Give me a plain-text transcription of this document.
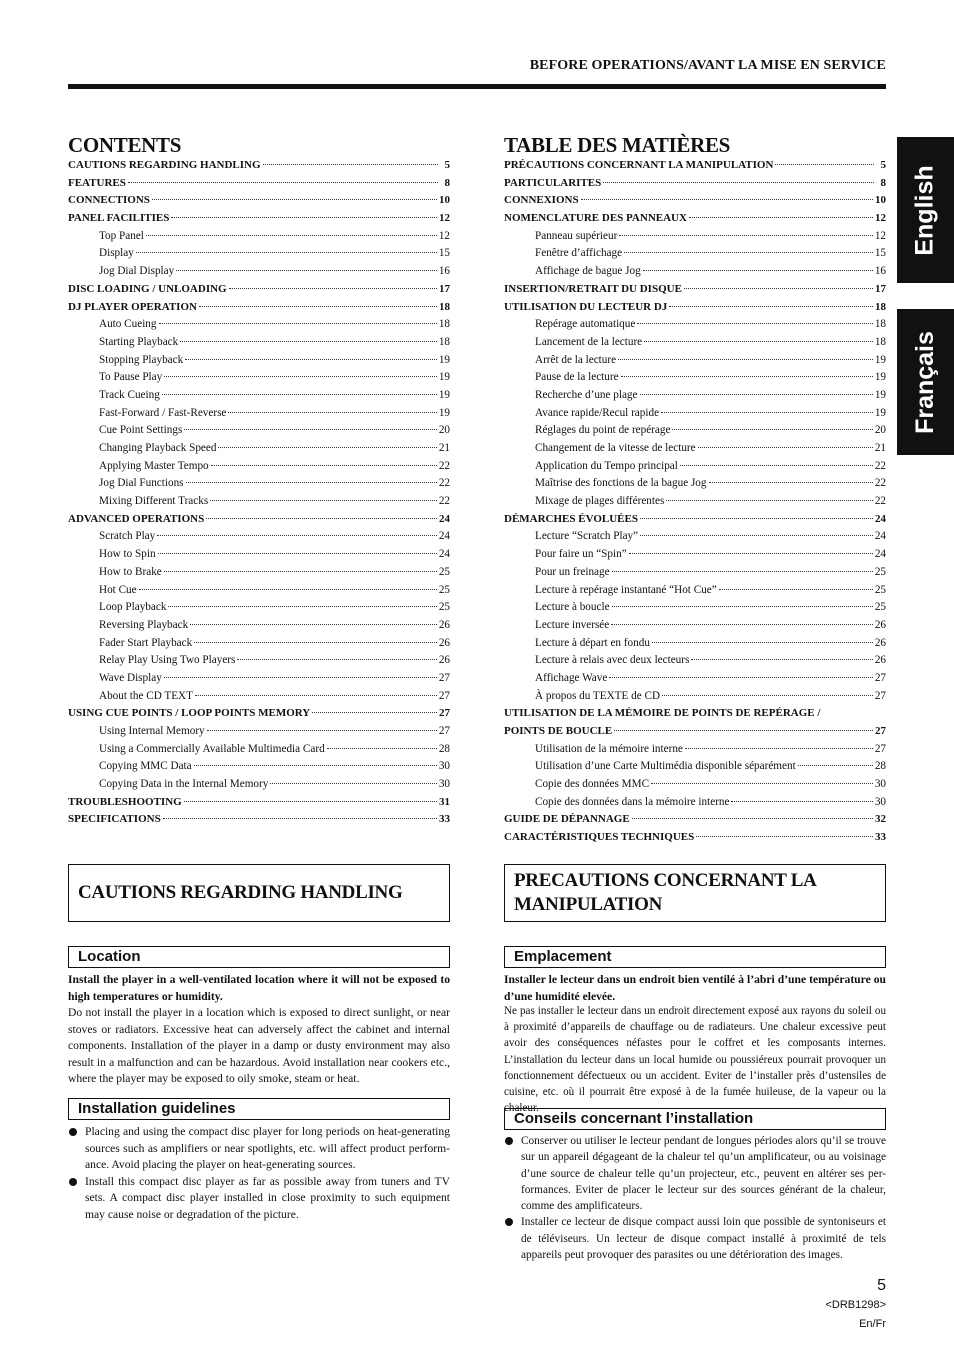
BEFORE OPERATIONS/AVANT LA MISE EN SERVICE
English
Français
CONTENTS
CAUTIONS REGARDING HANDLING	5
FEATURES	8
CONNECTIONS	10
PANEL FACILITIES	12
Top Panel	12
Display	15
Jog Dial Display	16
DISC LOADING / UNLOADING	17
DJ PLAYER OPERATION	18
Auto Cueing	18
Starting Playback	18
Stopping Playback	19
To Pause Play	19
Track Cueing	19
Fast-Forward / Fast-Reverse	19
Cue Point Settings	20
Changing Playback Speed	21
Applying Master Tempo	22
Jog Dial Functions	22
Mixing Different Tracks	22
ADVANCED OPERATIONS	24
Scratch Play	24
How to Spin	24
How to Brake	25
Hot Cue	25
Loop Playback	25
Reversing Playback	26
Fader Start Playback	26
Relay Play Using Two Players	26
Wave Display	27
About the CD TEXT	27
USING CUE POINTS / LOOP POINTS MEMORY	27
Using Internal Memory	27
Using a Commercially Available Multimedia Card	28
Copying MMC Data	30
Copying Data in the Internal Memory	30
TROUBLESHOOTING	31
SPECIFICATIONS	33
CAUTIONS REGARDING HANDLING
Location
Install the player in a well-ventilated location where it will not be exposed to high temperatures or humidity.
Do not install the player in a location which is exposed to direct sunlight, or near stoves or radiators. Excessive heat can adversely affect the cabinet and internal components. Installation of the player in a damp or dusty environment may also result in a malfunction and can be hazardous. Avoid installation near cookers etc., where the player may be exposed to oily smoke, steam or heat.
Installation guidelines
Placing and using the compact disc player for long periods on heat-generating sources such as amplifiers or near spotlights, etc. will affect product perform-ance. Avoid placing the player on heat-generating sources.
Install this compact disc player as far as possible away from tuners and TV sets. A compact disc player installed in close proximity to such equipment may cause noise or degradation of the picture.
TABLE DES MATIÈRES
PRÉCAUTIONS CONCERNANT LA MANIPULATION	5
PARTICULARITES	8
CONNEXIONS	10
NOMENCLATURE DES PANNEAUX	12
Panneau supérieur	12
Fenêtre d’affichage	15
Affichage de bague Jog	16
INSERTION/RETRAIT DU DISQUE	17
UTILISATION DU LECTEUR DJ	18
Repérage automatique	18
Lancement de la lecture	18
Arrêt de la lecture	19
Pause de la lecture	19
Recherche d’une plage	19
Avance rapide/Recul rapide	19
Réglages du point de repérage	20
Changement de la vitesse de lecture	21
Application du Tempo principal	22
Maîtrise des fonctions de la bague Jog	22
Mixage de plages différentes	22
DÉMARCHES ÉVOLUÉES	24
Lecture “Scratch Play”	24
Pour faire un “Spin”	24
Pour un freinage	25
Lecture à repérage instantané “Hot Cue”	25
Lecture à boucle	25
Lecture inversée	26
Lecture à départ en fondu	26
Lecture à relais avec deux lecteurs	26
Affichage Wave	27
À propos du TEXTE de CD	27
UTILISATION DE LA MÉMOIRE DE POINTS DE REPÉRAGE /
POINTS DE BOUCLE	27
Utilisation de la mémoire interne	27
Utilisation d’une Carte Multimédia disponible séparément	28
Copie des données MMC	30
Copie des données dans la mémoire interne	30
GUIDE DE DÉPANNAGE	32
CARACTÉRISTIQUES TECHNIQUES	33
PRECAUTIONS CONCERNANT LA MANIPULATION
Emplacement
Installer le lecteur dans un endroit bien ventilé à l’abri d’une température ou d’une humidité elevée.
Ne pas installer le lecteur dans un endroit directement exposé aux rayons du soleil ou à proximité d’appareils de chauffage ou de radiateurs. Une chaleur excessive peut avoir des conséquences néfastes pour le coffret et les composants internes. L’installation du lecteur dans un local humide ou poussiéreux pourrait provoquer un fonctionnement défectueux ou un accident. Eviter de l’installer près d’ustensiles de cuisine, etc. où il pourrait être exposé à de la fumée huileuse, de la vapeur ou la chaleur.
Conseils concernant l’installation
Conserver ou utiliser le lecteur pendant de longues périodes alors qu’il se trouve sur un appareil dégageant de la chaleur tel qu’un amplificateur, ou au voisinage d’une source de chaleur telle qu’un projecteur, etc., peuvent en altérer ses per-formances. Eviter de placer le lecteur sur des sources générant de la chaleur, comme des amplificateurs.
Installer ce lecteur de disque compact aussi loin que possible de syntoniseurs et de téléviseurs. Un lecteur de disque compact installé à proximité de tels appareils peut provoquer des parasites ou une détérioration des images.
5
<DRB1298>
En/Fr
